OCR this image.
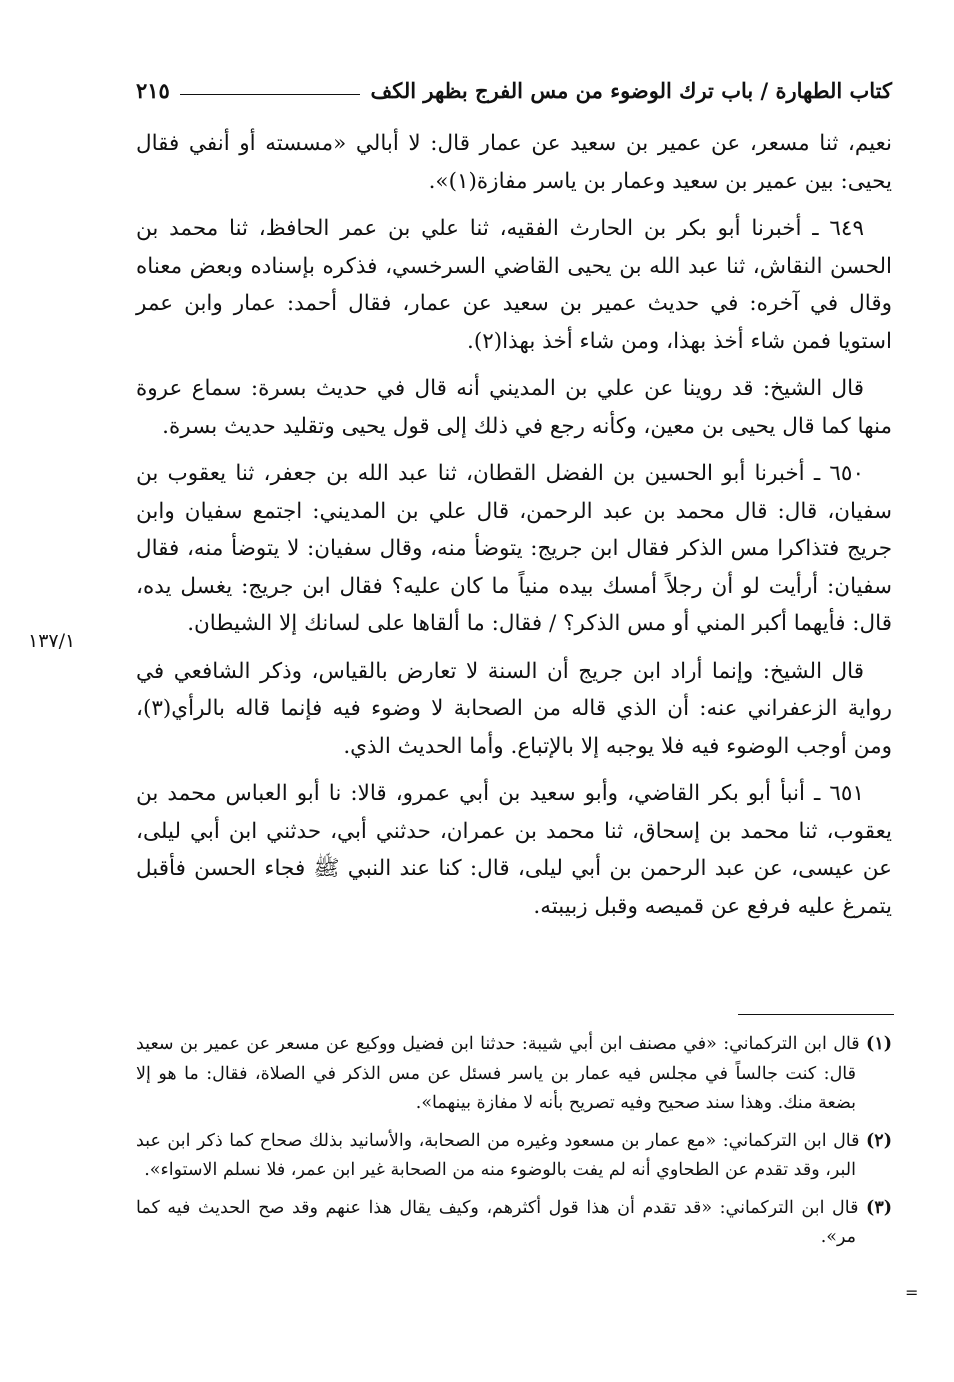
كتاب الطهارة / باب ترك الوضوء من مس الفرج بظهر الكف
٢١٥

نعيم، ثنا مسعر، عن عمير بن سعيد عن عمار قال: لا أبالي «مسسته أو أنفي فقال يحيى: بين عمير بن سعيد وعمار بن ياسر مفازة(١)».

٦٤٩ ـ أخبرنا أبو بكر بن الحارث الفقيه، ثنا علي بن عمر الحافظ، ثنا محمد بن الحسن النقاش، ثنا عبد الله بن يحيى القاضي السرخسي، فذكره بإسناده وبعض معناه وقال في آخره: في حديث عمير بن سعيد عن عمار، فقال أحمد: عمار وابن عمر استويا فمن شاء أخذ بهذا، ومن شاء أخذ بهذا(٢).

قال الشيخ: قد روينا عن علي بن المديني أنه قال في حديث بسرة: سماع عروة منها كما قال يحيى بن معين، وكأنه رجع في ذلك إلى قول يحيى وتقليد حديث بسرة.

٦٥٠ ـ أخبرنا أبو الحسين بن الفضل القطان، ثنا عبد الله بن جعفر، ثنا يعقوب بن سفيان، قال: قال محمد بن عبد الرحمن، قال علي بن المديني: اجتمع سفيان وابن جريج فتذاكرا مس الذكر فقال ابن جريج: يتوضأ منه، وقال سفيان: لا يتوضأ منه، فقال سفيان: أرأيت لو أن رجلاً أمسك بيده منياً ما كان عليه؟ فقال ابن جريج: يغسل يده، قال: فأيهما أكبر المني أو مس الذكر؟ / فقال: ما ألقاها على لسانك إلا الشيطان.

قال الشيخ: وإنما أراد ابن جريج أن السنة لا تعارض بالقياس، وذكر الشافعي في رواية الزعفراني عنه: أن الذي قاله من الصحابة لا وضوء فيه فإنما قاله بالرأي(٣)، ومن أوجب الوضوء فيه فلا يوجبه إلا بالإتباع. وأما الحديث الذي.

٦٥١ ـ أنبأ أبو بكر القاضي، وأبو سعيد بن أبي عمرو، قالا: نا أبو العباس محمد بن يعقوب، ثنا محمد بن إسحاق، ثنا محمد بن عمران، حدثني أبي، حدثني ابن أبي ليلى، عن عيسى، عن عبد الرحمن بن أبي ليلى، قال: كنا عند النبي ﷺ فجاء الحسن فأقبل يتمرغ عليه فرفع عن قميصه وقبل زبيبته.

١٣٧/١

(١) قال ابن التركماني: «في مصنف ابن أبي شيبة: حدثنا ابن فضيل ووكيع عن مسعر عن عمير بن سعيد قال: كنت جالساً في مجلس فيه عمار بن ياسر فسئل عن مس الذكر في الصلاة، فقال: ما هو إلا بضعة منك. وهذا سند صحيح وفيه تصريح بأنه لا مفازة بينهما».

(٢) قال ابن التركماني: «مع عمار بن مسعود وغيره من الصحابة، والأسانيد بذلك صحاح كما ذكر ابن عبد البر، وقد تقدم عن الطحاوي أنه لم يفت بالوضوء منه من الصحابة غير ابن عمر، فلا نسلم الاستواء».

(٣) قال ابن التركماني: «قد تقدم أن هذا قول أكثرهم، وكيف يقال هذا عنهم وقد صح الحديث فيه كما مر».

=
